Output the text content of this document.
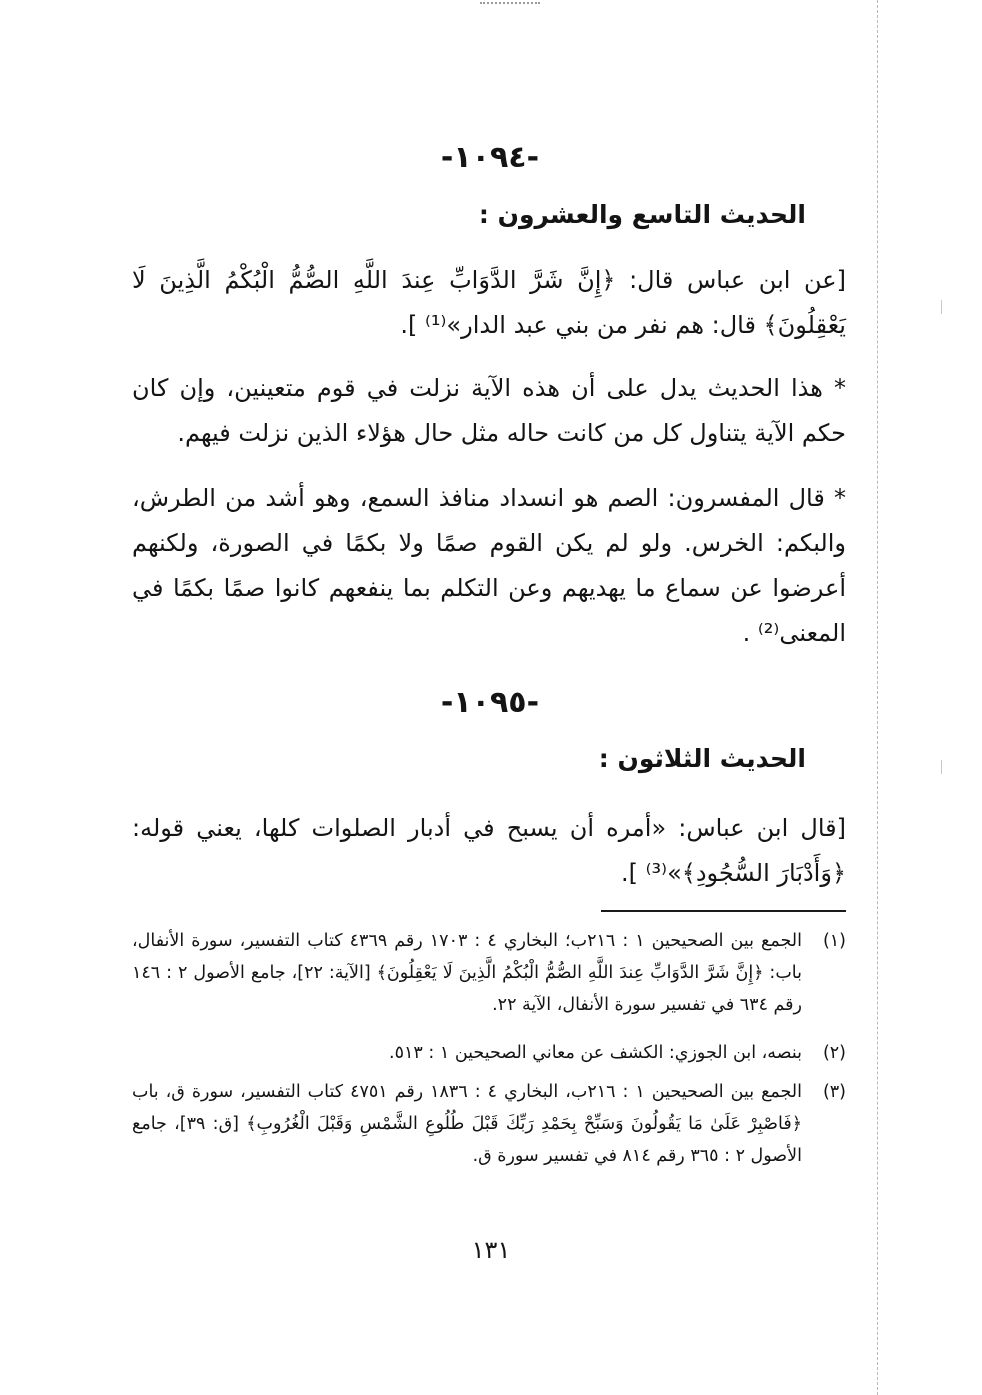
-١٠٩٤-
الحديث التاسع والعشرون :
[عن ابن عباس قال: ﴿إِنَّ شَرَّ الدَّوَابِّ عِندَ اللَّهِ الصُّمُّ الْبُكْمُ الَّذِينَ لَا يَعْقِلُونَ﴾ قال: هم نفر من بني عبد الدار»⁽¹⁾ ].
* هذا الحديث يدل على أن هذه الآية نزلت في قوم متعينين، وإن كان حكم الآية يتناول كل من كانت حاله مثل حال هؤلاء الذين نزلت فيهم.
* قال المفسرون: الصم هو انسداد منافذ السمع، وهو أشد من الطرش، والبكم: الخرس. ولو لم يكن القوم صمًا ولا بكمًا في الصورة، ولكنهم أعرضوا عن سماع ما يهديهم وعن التكلم بما ينفعهم كانوا صمًا بكمًا في المعنى⁽²⁾ .
-١٠٩٥-
الحديث الثلاثون :
[قال ابن عباس: «أمره أن يسبح في أدبار الصلوات كلها، يعني قوله: ﴿وَأَدْبَارَ السُّجُودِ﴾»⁽³⁾ ].
(١)
الجمع بين الصحيحين ١ : ٢١٦ب؛ البخاري ٤ : ١٧٠٣ رقم ٤٣٦٩ كتاب التفسير، سورة الأنفال، باب: ﴿إِنَّ شَرَّ الدَّوَابِّ عِندَ اللَّهِ الصُّمُّ الْبُكْمُ الَّذِينَ لَا يَعْقِلُونَ﴾ [الآية: ٢٢]، جامع الأصول ٢ : ١٤٦ رقم ٦٣٤ في تفسير سورة الأنفال، الآية ٢٢.
(٢)
بنصه، ابن الجوزي: الكشف عن معاني الصحيحين ١ : ٥١٣.
(٣)
الجمع بين الصحيحين ١ : ٢١٦ب، البخاري ٤ : ١٨٣٦ رقم ٤٧٥١ كتاب التفسير، سورة ق، باب ﴿فَاصْبِرْ عَلَىٰ مَا يَقُولُونَ وَسَبِّحْ بِحَمْدِ رَبِّكَ قَبْلَ طُلُوعِ الشَّمْسِ وَقَبْلَ الْغُرُوبِ﴾ [ق: ٣٩]، جامع الأصول ٢ : ٣٦٥ رقم ٨١٤ في تفسير سورة ق.
١٣١
